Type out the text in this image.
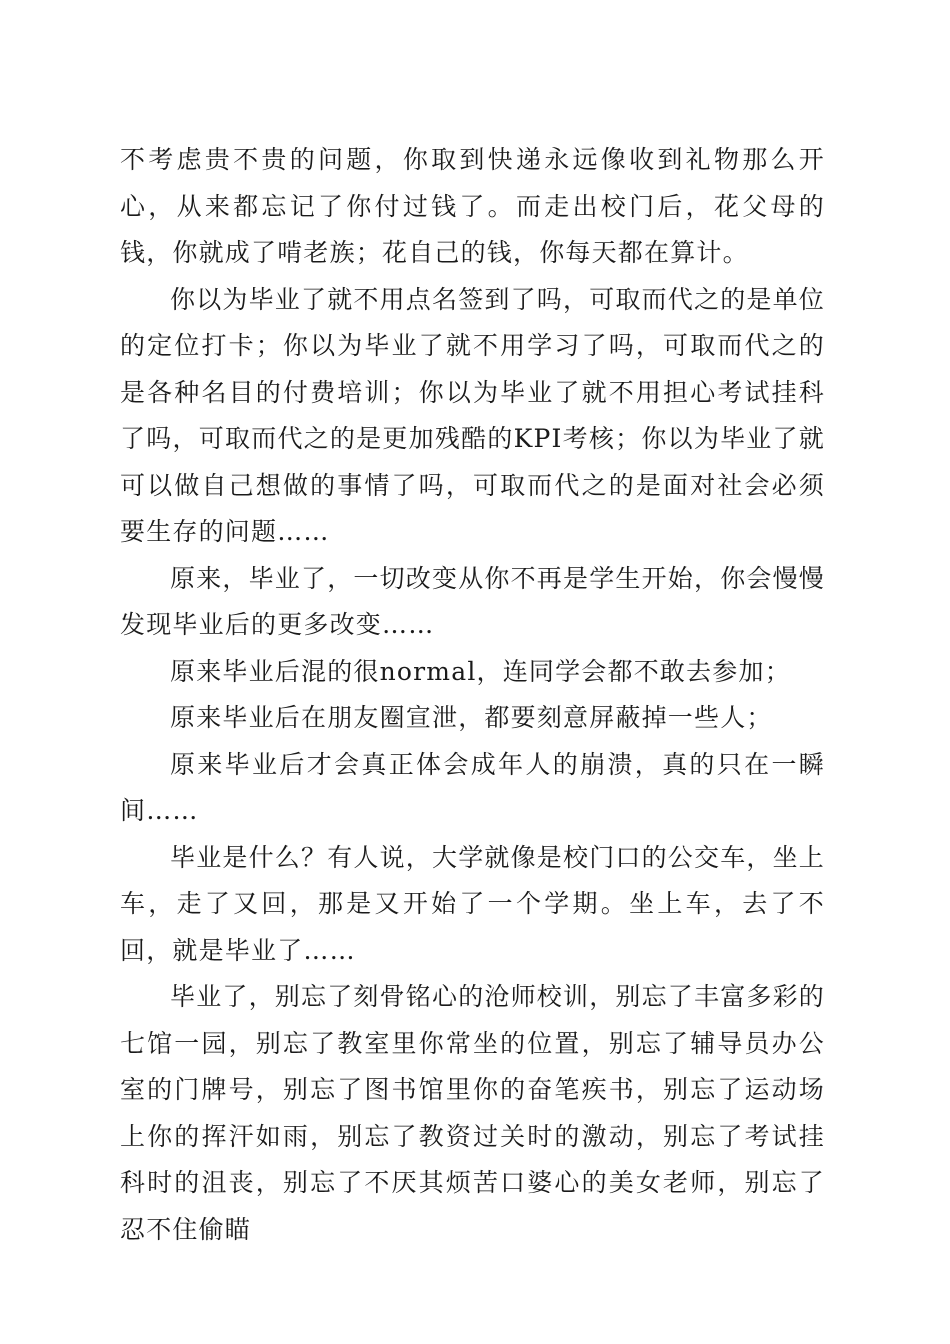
不考虑贵不贵的问题，你取到快递永远像收到礼物那么开心，从来都忘记了你付过钱了。而走出校门后，花父母的钱，你就成了啃老族；花自己的钱，你每天都在算计。

你以为毕业了就不用点名签到了吗，可取而代之的是单位的定位打卡；你以为毕业了就不用学习了吗，可取而代之的是各种名目的付费培训；你以为毕业了就不用担心考试挂科了吗，可取而代之的是更加残酷的KPI考核；你以为毕业了就可以做自己想做的事情了吗，可取而代之的是面对社会必须要生存的问题……

原来，毕业了，一切改变从你不再是学生开始，你会慢慢发现毕业后的更多改变……

原来毕业后混的很normal，连同学会都不敢去参加；

原来毕业后在朋友圈宣泄，都要刻意屏蔽掉一些人；

原来毕业后才会真正体会成年人的崩溃，真的只在一瞬间……

毕业是什么？有人说，大学就像是校门口的公交车，坐上车，走了又回，那是又开始了一个学期。坐上车，去了不回，就是毕业了……

毕业了，别忘了刻骨铭心的沧师校训，别忘了丰富多彩的七馆一园，别忘了教室里你常坐的位置，别忘了辅导员办公室的门牌号，别忘了图书馆里你的奋笔疾书，别忘了运动场上你的挥汗如雨，别忘了教资过关时的激动，别忘了考试挂科时的沮丧，别忘了不厌其烦苦口婆心的美女老师，别忘了忍不住偷瞄
